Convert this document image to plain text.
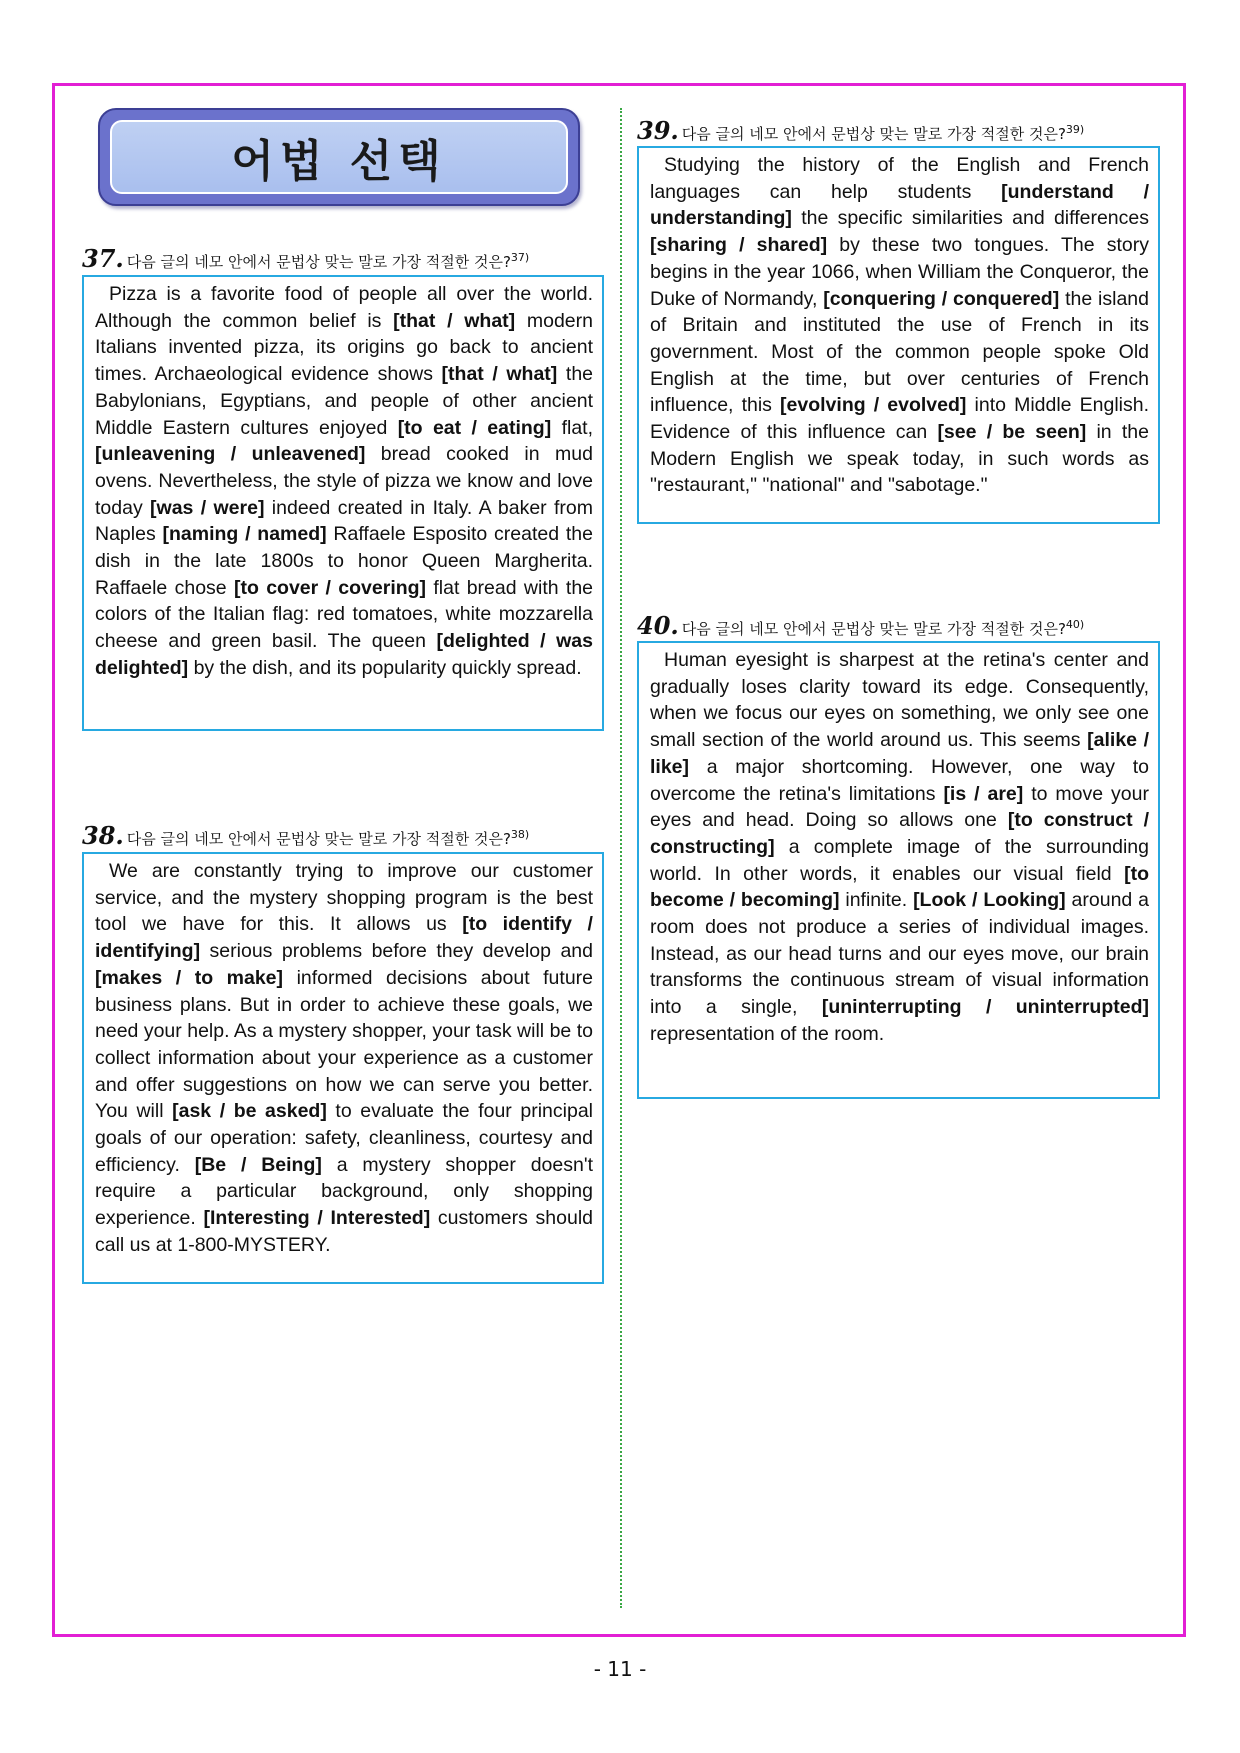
어법 선택
37. 다음 글의 네모 안에서 문법상 맞는 말로 가장 적절한 것은?$^{37)}$
Pizza is a favorite food of people all over the world. Although the common belief is [that / what] modern Italians invented pizza, its origins go back to ancient times. Archaeological evidence shows [that / what] the Babylonians, Egyptians, and people of other ancient Middle Eastern cultures enjoyed [to eat / eating] flat, [unleavening / unleavened] bread cooked in mud ovens. Nevertheless, the style of pizza we know and love today [was / were] indeed created in Italy. A baker from Naples [naming / named] Raffaele Esposito created the dish in the late 1800s to honor Queen Margherita. Raffaele chose [to cover / covering] flat bread with the colors of the Italian flag: red tomatoes, white mozzarella cheese and green basil. The queen [delighted / was delighted] by the dish, and its popularity quickly spread.
38. 다음 글의 네모 안에서 문법상 맞는 말로 가장 적절한 것은?$^{38)}$
We are constantly trying to improve our customer service, and the mystery shopping program is the best tool we have for this. It allows us [to identify / identifying] serious problems before they develop and [makes / to make] informed decisions about future business plans. But in order to achieve these goals, we need your help. As a mystery shopper, your task will be to collect information about your experience as a customer and offer suggestions on how we can serve you better. You will [ask / be asked] to evaluate the four principal goals of our operation: safety, cleanliness, courtesy and efficiency. [Be / Being] a mystery shopper doesn't require a particular background, only shopping experience. [Interesting / Interested] customers should call us at 1-800-MYSTERY.
39. 다음 글의 네모 안에서 문법상 맞는 말로 가장 적절한 것은?$^{39)}$
Studying the history of the English and French languages can help students [understand / understanding] the specific similarities and differences [sharing / shared] by these two tongues. The story begins in the year 1066, when William the Conqueror, the Duke of Normandy, [conquering / conquered] the island of Britain and instituted the use of French in its government. Most of the common people spoke Old English at the time, but over centuries of French influence, this [evolving / evolved] into Middle English. Evidence of this influence can [see / be seen] in the Modern English we speak today, in such words as "restaurant," "national" and "sabotage."
40. 다음 글의 네모 안에서 문법상 맞는 말로 가장 적절한 것은?$^{40)}$
Human eyesight is sharpest at the retina's center and gradually loses clarity toward its edge. Consequently, when we focus our eyes on something, we only see one small section of the world around us. This seems [alike / like] a major shortcoming. However, one way to overcome the retina's limitations [is / are] to move your eyes and head. Doing so allows one [to construct / constructing] a complete image of the surrounding world. In other words, it enables our visual field [to become / becoming] infinite. [Look / Looking] around a room does not produce a series of individual images. Instead, as our head turns and our eyes move, our brain transforms the continuous stream of visual information into a single, [uninterrupting / uninterrupted] representation of the room.
- 11 -
